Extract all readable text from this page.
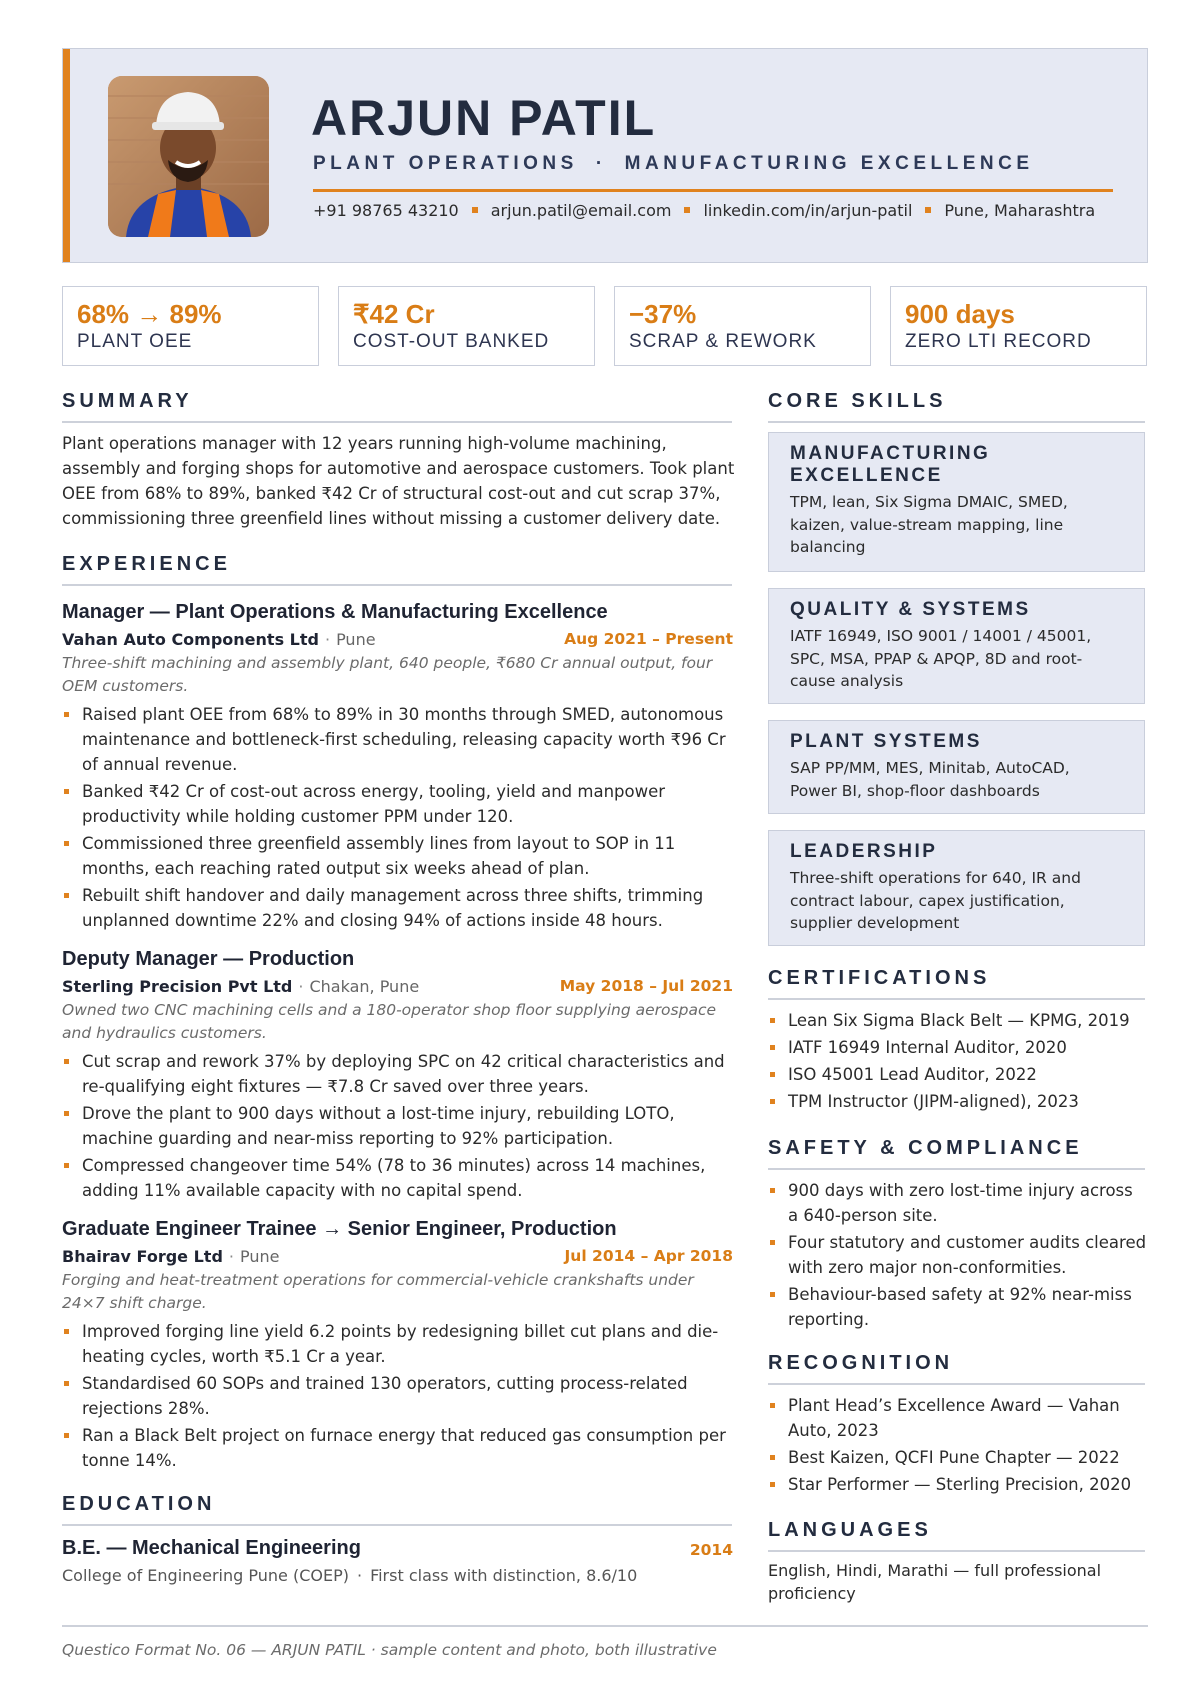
ARJUN PATIL
PLANT OPERATIONS · MANUFACTURING EXCELLENCE
+91 98765 43210 arjun.patil@email.com linkedin.com/in/arjun-patil Pune, Maharashtra
68% → 89%
PLANT OEE
₹42 Cr
COST-OUT BANKED
−37%
SCRAP & REWORK
900 days
ZERO LTI RECORD
SUMMARY
Plant operations manager with 12 years running high-volume machining, assembly and forging shops for automotive and aerospace customers. Took plant OEE from 68% to 89%, banked ₹42 Cr of structural cost-out and cut scrap 37%, commissioning three greenfield lines without missing a customer delivery date.
EXPERIENCE
Manager — Plant Operations & Manufacturing Excellence
Vahan Auto Components Ltd · Pune	Aug 2021 – Present
Three-shift machining and assembly plant, 640 people, ₹680 Cr annual output, four OEM customers.
Raised plant OEE from 68% to 89% in 30 months through SMED, autonomous maintenance and bottleneck-first scheduling, releasing capacity worth ₹96 Cr of annual revenue.
Banked ₹42 Cr of cost-out across energy, tooling, yield and manpower productivity while holding customer PPM under 120.
Commissioned three greenfield assembly lines from layout to SOP in 11 months, each reaching rated output six weeks ahead of plan.
Rebuilt shift handover and daily management across three shifts, trimming unplanned downtime 22% and closing 94% of actions inside 48 hours.
Deputy Manager — Production
Sterling Precision Pvt Ltd · Chakan, Pune	May 2018 – Jul 2021
Owned two CNC machining cells and a 180-operator shop floor supplying aerospace and hydraulics customers.
Cut scrap and rework 37% by deploying SPC on 42 critical characteristics and re-qualifying eight fixtures — ₹7.8 Cr saved over three years.
Drove the plant to 900 days without a lost-time injury, rebuilding LOTO, machine guarding and near-miss reporting to 92% participation.
Compressed changeover time 54% (78 to 36 minutes) across 14 machines, adding 11% available capacity with no capital spend.
Graduate Engineer Trainee → Senior Engineer, Production
Bhairav Forge Ltd · Pune	Jul 2014 – Apr 2018
Forging and heat-treatment operations for commercial-vehicle crankshafts under 24×7 shift charge.
Improved forging line yield 6.2 points by redesigning billet cut plans and die-heating cycles, worth ₹5.1 Cr a year.
Standardised 60 SOPs and trained 130 operators, cutting process-related rejections 28%.
Ran a Black Belt project on furnace energy that reduced gas consumption per tonne 14%.
EDUCATION
B.E. — Mechanical Engineering	2014
College of Engineering Pune (COEP) · First class with distinction, 8.6/10
CORE SKILLS
MANUFACTURING EXCELLENCE
TPM, lean, Six Sigma DMAIC, SMED, kaizen, value-stream mapping, line balancing
QUALITY & SYSTEMS
IATF 16949, ISO 9001 / 14001 / 45001, SPC, MSA, PPAP & APQP, 8D and root-cause analysis
PLANT SYSTEMS
SAP PP/MM, MES, Minitab, AutoCAD, Power BI, shop-floor dashboards
LEADERSHIP
Three-shift operations for 640, IR and contract labour, capex justification, supplier development
CERTIFICATIONS
Lean Six Sigma Black Belt — KPMG, 2019
IATF 16949 Internal Auditor, 2020
ISO 45001 Lead Auditor, 2022
TPM Instructor (JIPM-aligned), 2023
SAFETY & COMPLIANCE
900 days with zero lost-time injury across a 640-person site.
Four statutory and customer audits cleared with zero major non-conformities.
Behaviour-based safety at 92% near-miss reporting.
RECOGNITION
Plant Head’s Excellence Award — Vahan Auto, 2023
Best Kaizen, QCFI Pune Chapter — 2022
Star Performer — Sterling Precision, 2020
LANGUAGES
English, Hindi, Marathi — full professional proficiency
Questico Format No. 06 — ARJUN PATIL · sample content and photo, both illustrative
